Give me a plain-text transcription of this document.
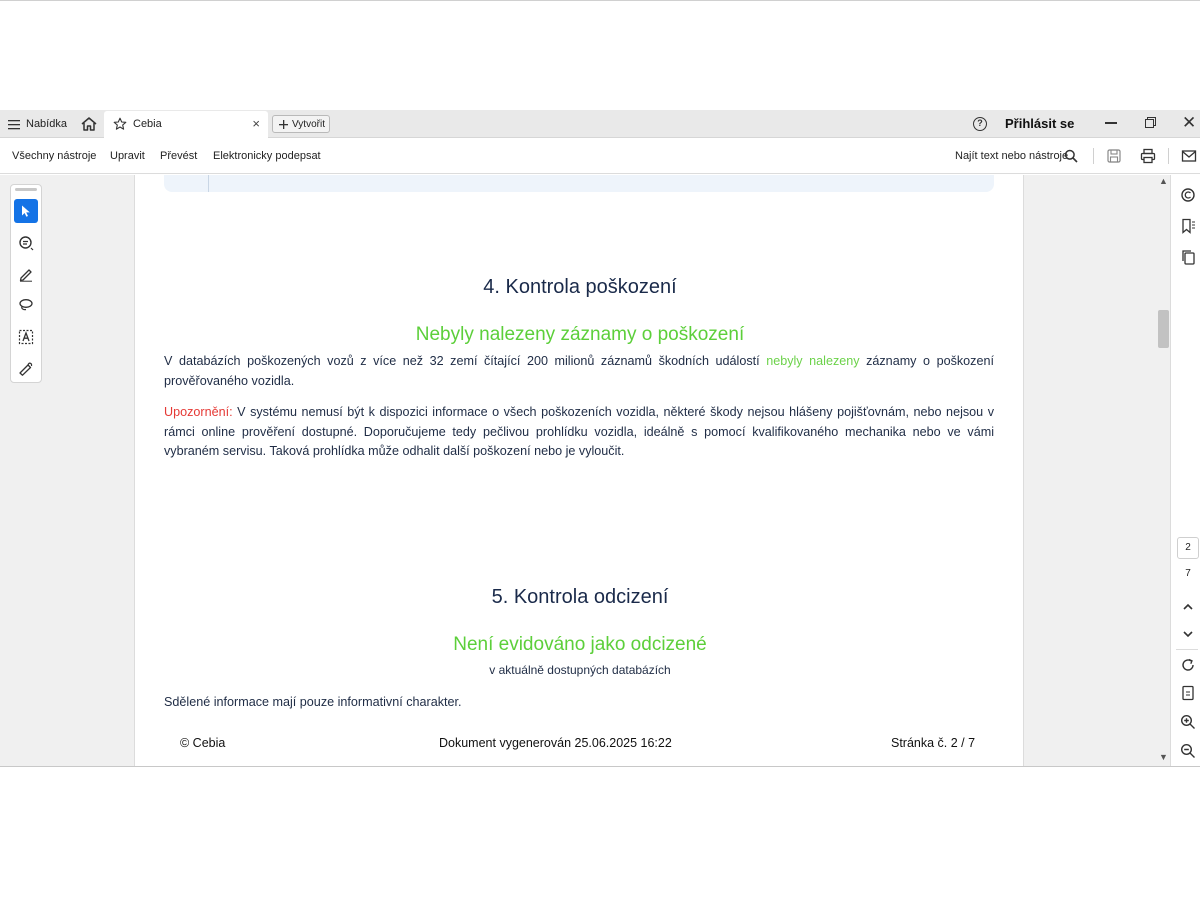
Nabídka	Cebia	×	Vytvořit	?	Přihlásit se	✕
Všechny nástroje Upravit Převést Elektronicky podepsat	Najít text nebo nástroje
4. Kontrola poškození
Nebyly nalezeny záznamy o poškození
V databázích poškozených vozů z více než 32 zemí čítající 200 milionů záznamů škodních událostí nebyly nalezeny záznamy o poškození prověřovaného vozidla.
Upozornění: V systému nemusí být k dispozici informace o všech poškozeních vozidla, některé škody nejsou hlášeny pojišťovnám, nebo nejsou v rámci online prověření dostupné. Doporučujeme tedy pečlivou prohlídku vozidla, ideálně s pomocí kvalifikovaného mechanika nebo ve vámi vybraném servisu. Taková prohlídka může odhalit další poškození nebo je vyloučit.
5. Kontrola odcizení
Není evidováno jako odcizené
v aktuálně dostupných databázích
Sdělené informace mají pouze informativní charakter.
© Cebia	Dokument vygenerován 25.06.2025 16:22	Stránka č. 2 / 7
▲
▼
2
7
